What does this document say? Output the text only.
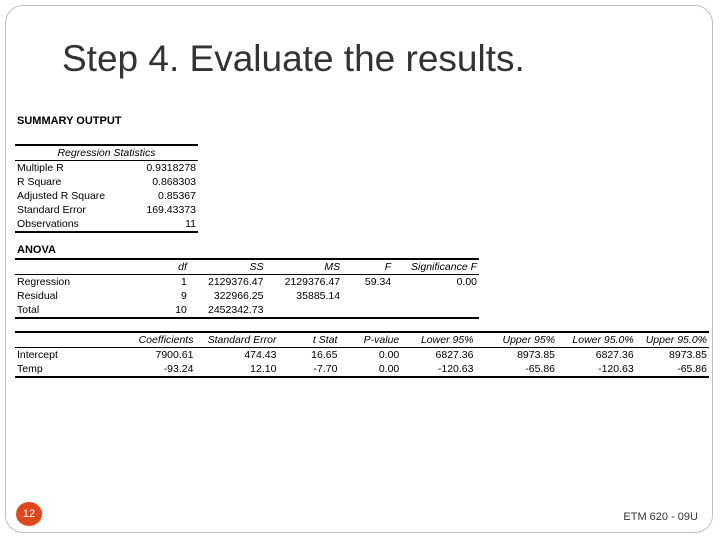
Step 4. Evaluate the results.
SUMMARY OUTPUT
Regression Statistics	
Multiple R	0.9318278
R Square	0.868303
Adjusted R Square	0.85367
Standard Error	169.43373
Observations	11
ANOVA
	df	SS	MS	F	Significance F
Regression	1	2129376.47	2129376.47	59.34	0.00
Residual	9	322966.25	35885.14		
Total	10	2452342.73			
	Coefficients	Standard Error	t Stat	P-value	Lower 95%	Upper 95%	Lower 95.0%	Upper 95.0%
Intercept	7900.61	474.43	16.65	0.00	6827.36	8973.85	6827.36	8973.85
Temp	-93.24	12.10	-7.70	0.00	-120.63	-65.86	-120.63	-65.86
12	ETM 620 - 09U
